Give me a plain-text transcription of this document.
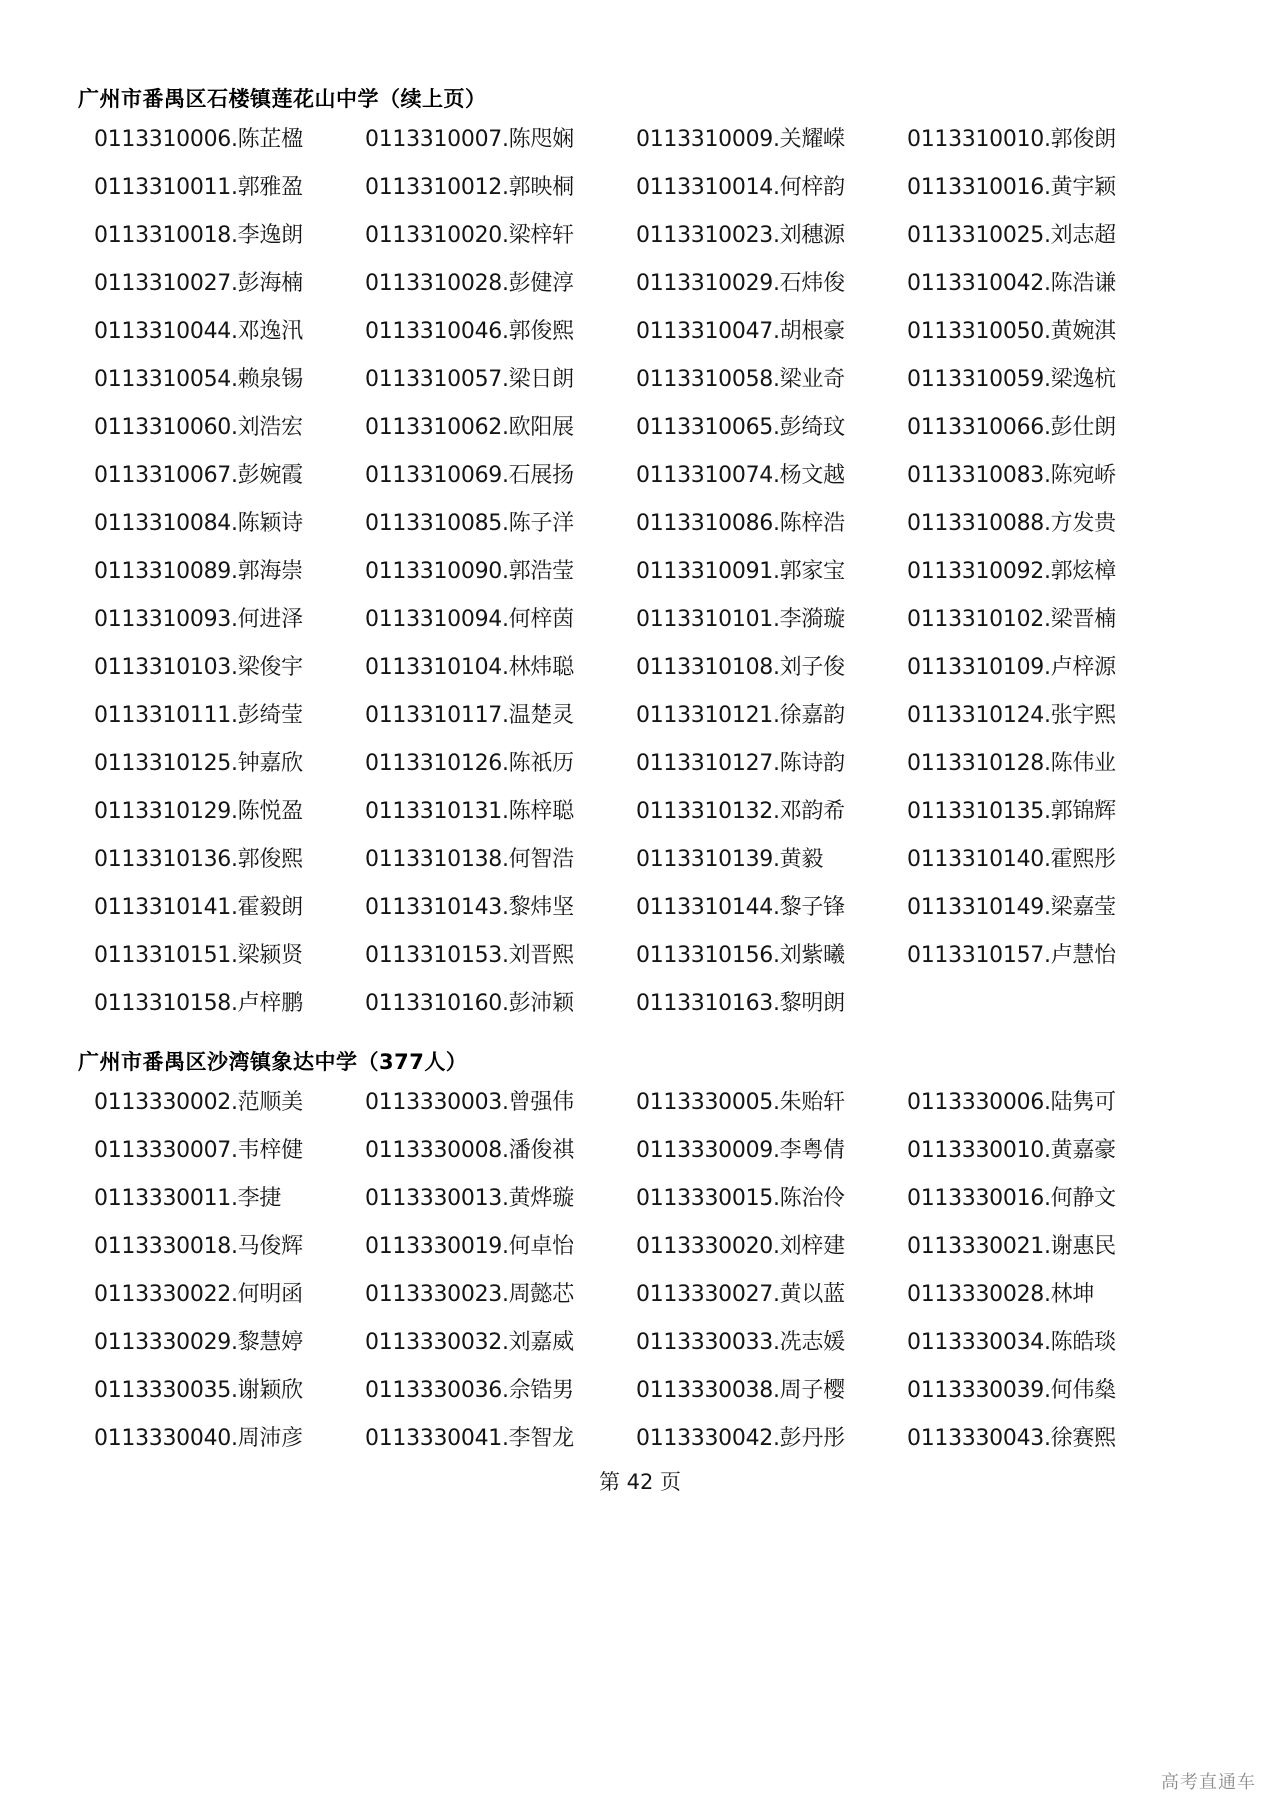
广州市番禺区石楼镇莲花山中学（续上页）
0113310006.陈芷楹	0113310007.陈咫娴	0113310009.关耀嵘	0113310010.郭俊朗
0113310011.郭雅盈	0113310012.郭映桐	0113310014.何梓韵	0113310016.黄宇颖
0113310018.李逸朗	0113310020.梁梓轩	0113310023.刘穗源	0113310025.刘志超
0113310027.彭海楠	0113310028.彭健淳	0113310029.石炜俊	0113310042.陈浩谦
0113310044.邓逸汛	0113310046.郭俊熙	0113310047.胡根豪	0113310050.黄婉淇
0113310054.赖泉锡	0113310057.梁日朗	0113310058.梁业奇	0113310059.梁逸杭
0113310060.刘浩宏	0113310062.欧阳展	0113310065.彭绮玟	0113310066.彭仕朗
0113310067.彭婉霞	0113310069.石展扬	0113310074.杨文越	0113310083.陈宛峤
0113310084.陈颖诗	0113310085.陈子洋	0113310086.陈梓浩	0113310088.方发贵
0113310089.郭海崇	0113310090.郭浩莹	0113310091.郭家宝	0113310092.郭炫樟
0113310093.何进泽	0113310094.何梓茵	0113310101.李漪璇	0113310102.梁晋楠
0113310103.梁俊宇	0113310104.林炜聪	0113310108.刘子俊	0113310109.卢梓源
0113310111.彭绮莹	0113310117.温楚灵	0113310121.徐嘉韵	0113310124.张宇熙
0113310125.钟嘉欣	0113310126.陈祇历	0113310127.陈诗韵	0113310128.陈伟业
0113310129.陈悦盈	0113310131.陈梓聪	0113310132.邓韵希	0113310135.郭锦辉
0113310136.郭俊熙	0113310138.何智浩	0113310139.黄毅	0113310140.霍熙彤
0113310141.霍毅朗	0113310143.黎炜坚	0113310144.黎子锋	0113310149.梁嘉莹
0113310151.梁颍贤	0113310153.刘晋熙	0113310156.刘紫曦	0113310157.卢慧怡
0113310158.卢梓鹏	0113310160.彭沛颖	0113310163.黎明朗
广州市番禺区沙湾镇象达中学（377人）
0113330002.范顺美	0113330003.曾强伟	0113330005.朱贻轩	0113330006.陆隽可
0113330007.韦梓健	0113330008.潘俊祺	0113330009.李粤倩	0113330010.黄嘉豪
0113330011.李捷	0113330013.黄烨璇	0113330015.陈治伶	0113330016.何静文
0113330018.马俊辉	0113330019.何卓怡	0113330020.刘梓建	0113330021.谢惠民
0113330022.何明函	0113330023.周懿芯	0113330027.黄以蓝	0113330028.林坤
0113330029.黎慧婷	0113330032.刘嘉威	0113330033.冼志媛	0113330034.陈皓琰
0113330035.谢颖欣	0113330036.佘锆男	0113330038.周子樱	0113330039.何伟燊
0113330040.周沛彦	0113330041.李智龙	0113330042.彭丹彤	0113330043.徐赛熙
第 42 页
高考直通车
